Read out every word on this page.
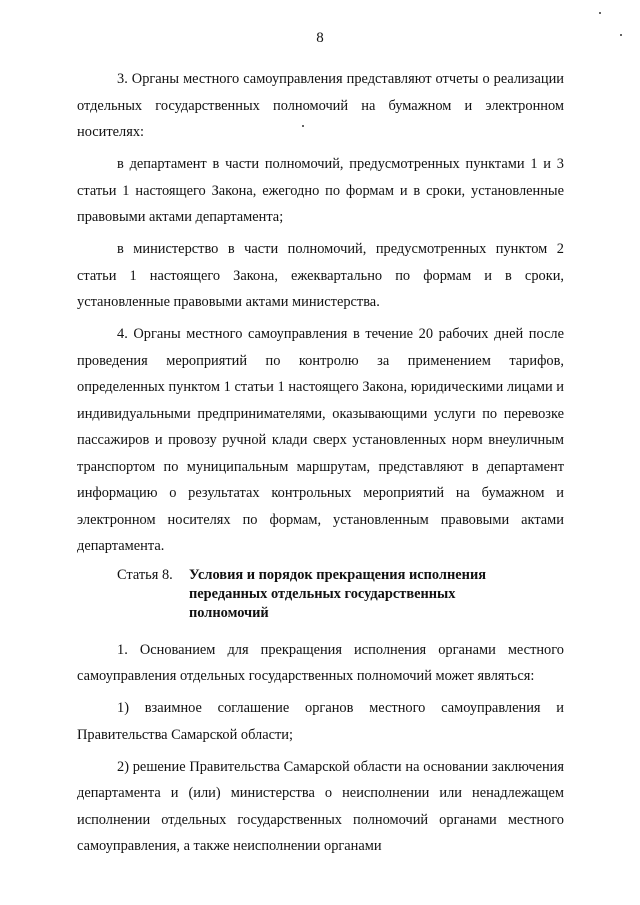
8

3. Органы местного самоуправления представляют отчеты о реализации отдельных государственных полномочий на бумажном и электронном носителях:

в департамент в части полномочий, предусмотренных пунктами 1 и 3 статьи 1 настоящего Закона, ежегодно по формам и в сроки, установленные правовыми актами департамента;

в министерство в части полномочий, предусмотренных пунктом 2 статьи 1 настоящего Закона, ежеквартально по формам и в сроки, установленные правовыми актами министерства.

4. Органы местного самоуправления в течение 20 рабочих дней после проведения мероприятий по контролю за применением тарифов, определенных пунктом 1 статьи 1 настоящего Закона, юридическими лицами и индивидуальными предпринимателями, оказывающими услуги по перевозке пассажиров и провозу ручной клади сверх установленных норм внеуличным транспортом по муниципальным маршрутам, представляют в департамент информацию о результатах контрольных мероприятий на бумажном и электронном носителях по формам, установленным правовыми актами департамента.

Статья 8.	Условия и порядок прекращения исполнения переданных отдельных государственных полномочий

1. Основанием для прекращения исполнения органами местного самоуправления отдельных государственных полномочий может являться:

1) взаимное соглашение органов местного самоуправления и Правительства Самарской области;

2) решение Правительства Самарской области на основании заключения департамента и (или) министерства о неисполнении или ненадлежащем исполнении отдельных государственных полномочий органами местного самоуправления, а также неисполнении органами
